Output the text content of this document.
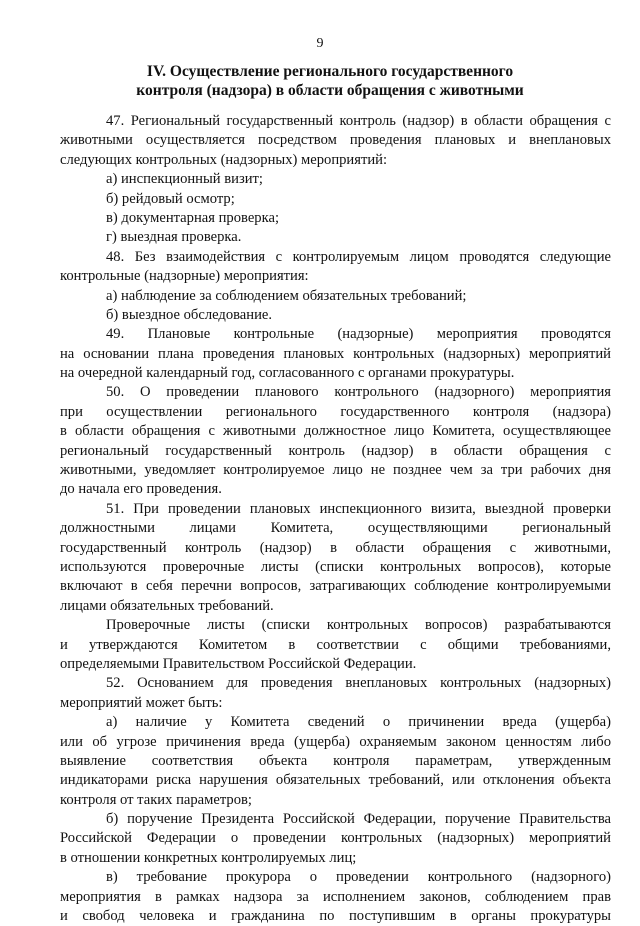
9
IV. Осуществление регионального государственного
контроля (надзора) в области обращения с животными
47. Региональный государственный контроль (надзор) в области обращения с
животными осуществляется посредством проведения плановых и внеплановых
следующих контрольных (надзорных) мероприятий:
а) инспекционный визит;
б) рейдовый осмотр;
в) документарная проверка;
г) выездная проверка.
48. Без взаимодействия с контролируемым лицом проводятся следующие
контрольные (надзорные) мероприятия:
а) наблюдение за соблюдением обязательных требований;
б) выездное обследование.
49. Плановые контрольные (надзорные) мероприятия проводятся
на основании плана проведения плановых контрольных (надзорных) мероприятий
на очередной календарный год, согласованного с органами прокуратуры.
50. О проведении планового контрольного (надзорного) мероприятия
при осуществлении регионального государственного контроля (надзора)
в области обращения с животными должностное лицо Комитета, осуществляющее
региональный государственный контроль (надзор) в области обращения с
животными, уведомляет контролируемое лицо не позднее чем за три рабочих дня
до начала его проведения.
51. При проведении плановых инспекционного визита, выездной проверки
должностными лицами Комитета, осуществляющими региональный
государственный контроль (надзор) в области обращения с животными,
используются проверочные листы (списки контрольных вопросов), которые
включают в себя перечни вопросов, затрагивающих соблюдение контролируемыми
лицами обязательных требований.
Проверочные листы (списки контрольных вопросов) разрабатываются
и утверждаются Комитетом в соответствии с общими требованиями,
определяемыми Правительством Российской Федерации.
52. Основанием для проведения внеплановых контрольных (надзорных)
мероприятий может быть:
а) наличие у Комитета сведений о причинении вреда (ущерба)
или об угрозе причинения вреда (ущерба) охраняемым законом ценностям либо
выявление соответствия объекта контроля параметрам, утвержденным
индикаторами риска нарушения обязательных требований, или отклонения объекта
контроля от таких параметров;
б) поручение Президента Российской Федерации, поручение Правительства
Российской Федерации о проведении контрольных (надзорных) мероприятий
в отношении конкретных контролируемых лиц;
в) требование прокурора о проведении контрольного (надзорного)
мероприятия в рамках надзора за исполнением законов, соблюдением прав
и свобод человека и гражданина по поступившим в органы прокуратуры
